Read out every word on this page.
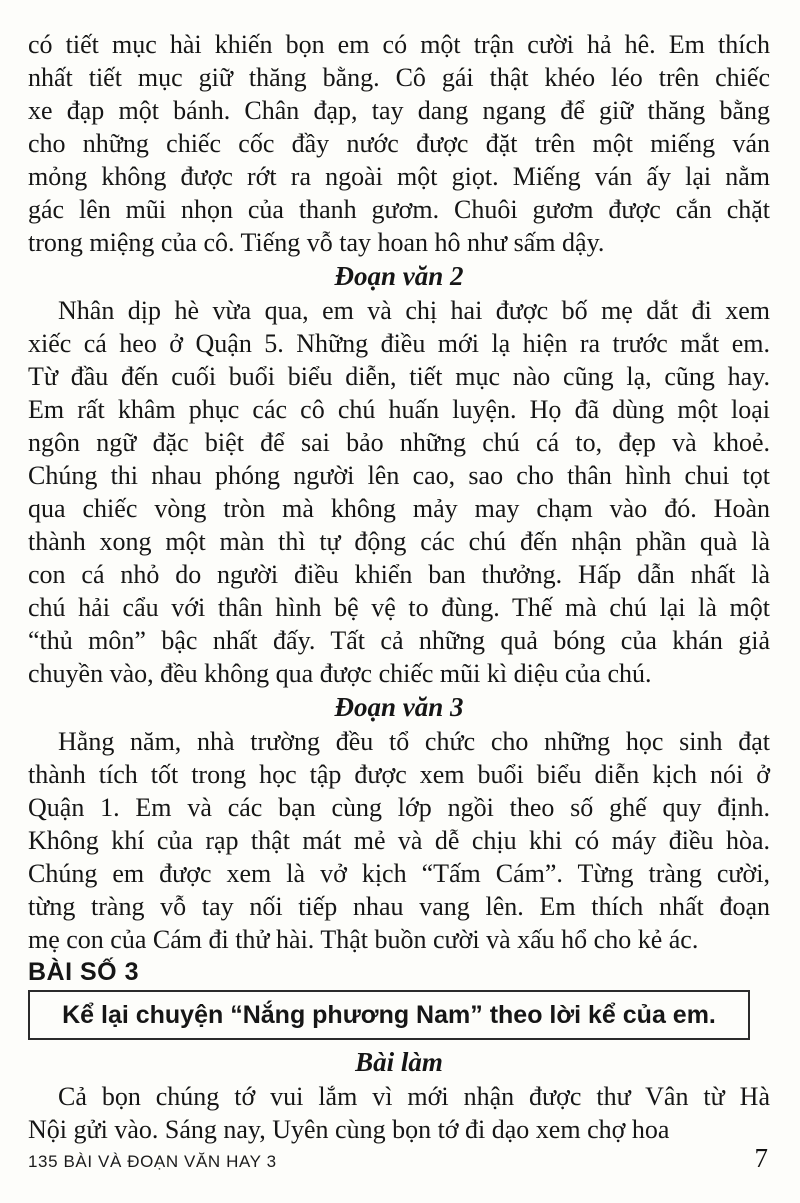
có tiết mục hài khiến bọn em có một trận cười hả hê. Em thích
nhất tiết mục giữ thăng bằng. Cô gái thật khéo léo trên chiếc
xe đạp một bánh. Chân đạp, tay dang ngang để giữ thăng bằng
cho những chiếc cốc đầy nước được đặt trên một miếng ván
mỏng không được rớt ra ngoài một giọt. Miếng ván ấy lại nằm
gác lên mũi nhọn của thanh gươm. Chuôi gươm được cắn chặt
trong miệng của cô. Tiếng vỗ tay hoan hô như sấm dậy.
Đoạn văn 2
Nhân dịp hè vừa qua, em và chị hai được bố mẹ dắt đi xem
xiếc cá heo ở Quận 5. Những điều mới lạ hiện ra trước mắt em.
Từ đầu đến cuối buổi biểu diễn, tiết mục nào cũng lạ, cũng hay.
Em rất khâm phục các cô chú huấn luyện. Họ đã dùng một loại
ngôn ngữ đặc biệt để sai bảo những chú cá to, đẹp và khoẻ.
Chúng thi nhau phóng người lên cao, sao cho thân hình chui tọt
qua chiếc vòng tròn mà không mảy may chạm vào đó. Hoàn
thành xong một màn thì tự động các chú đến nhận phần quà là
con cá nhỏ do người điều khiển ban thưởng. Hấp dẫn nhất là
chú hải cẩu với thân hình bệ vệ to đùng. Thế mà chú lại là một
“thủ môn” bậc nhất đấy. Tất cả những quả bóng của khán giả
chuyền vào, đều không qua được chiếc mũi kì diệu của chú.
Đoạn văn 3
Hằng năm, nhà trường đều tổ chức cho những học sinh đạt
thành tích tốt trong học tập được xem buổi biểu diễn kịch nói ở
Quận 1. Em và các bạn cùng lớp ngồi theo số ghế quy định.
Không khí của rạp thật mát mẻ và dễ chịu khi có máy điều hòa.
Chúng em được xem là vở kịch “Tấm Cám”. Từng tràng cười,
từng tràng vỗ tay nối tiếp nhau vang lên. Em thích nhất đoạn
mẹ con của Cám đi thử hài. Thật buồn cười và xấu hổ cho kẻ ác.
BÀI SỐ 3
Kể lại chuyện “Nắng phương Nam” theo lời kể của em.
Bài làm
Cả bọn chúng tớ vui lắm vì mới nhận được thư Vân từ Hà
Nội gửi vào. Sáng nay, Uyên cùng bọn tớ đi dạo xem chợ hoa
135 BÀI VÀ ĐOẠN VĂN HAY 3	7
